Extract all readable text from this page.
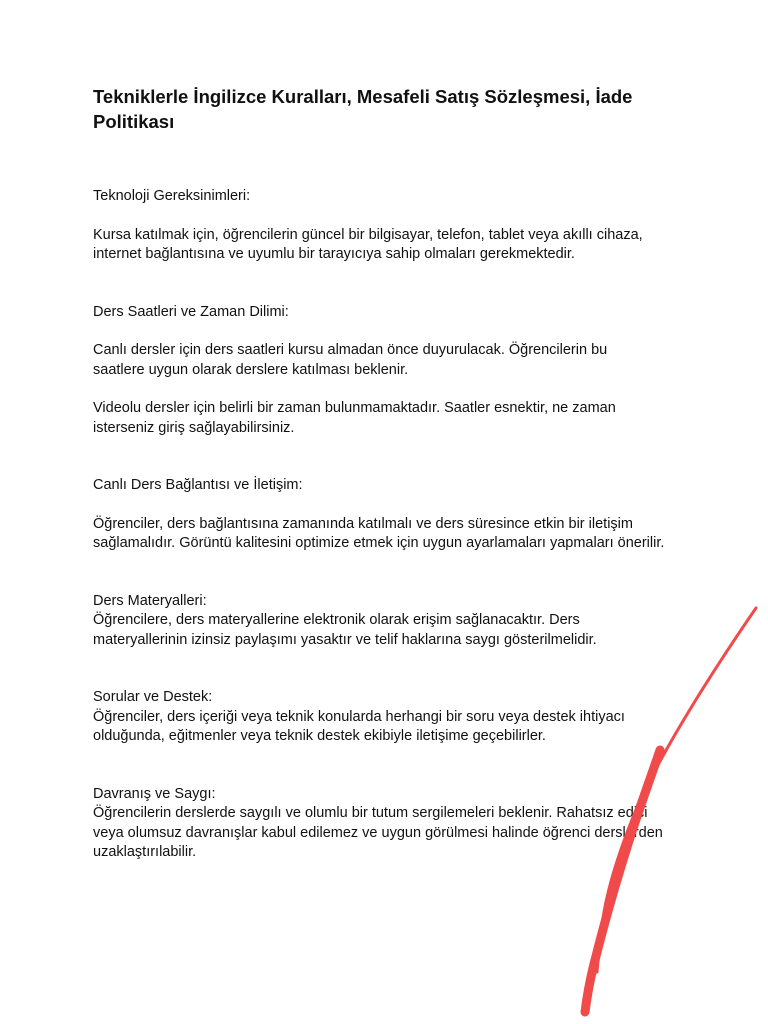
Tekniklerle İngilizce Kuralları, Mesafeli Satış Sözleşmesi, İade Politikası

Teknoloji Gereksinimleri:

Kursa katılmak için, öğrencilerin güncel bir bilgisayar, telefon, tablet veya akıllı cihaza, internet bağlantısına ve uyumlu bir tarayıcıya sahip olmaları gerekmektedir.

Ders Saatleri ve Zaman Dilimi:

Canlı dersler için ders saatleri kursu almadan önce duyurulacak. Öğrencilerin bu saatlere uygun olarak derslere katılması beklenir.

Videolu dersler için belirli bir zaman bulunmamaktadır. Saatler esnektir, ne zaman isterseniz giriş sağlayabilirsiniz.

Canlı Ders Bağlantısı ve İletişim:

Öğrenciler, ders bağlantısına zamanında katılmalı ve ders süresince etkin bir iletişim sağlamalıdır. Görüntü kalitesini optimize etmek için uygun ayarlamaları yapmaları önerilir.

Ders Materyalleri:

Öğrencilere, ders materyallerine elektronik olarak erişim sağlanacaktır. Ders materyallerinin izinsiz paylaşımı yasaktır ve telif haklarına saygı gösterilmelidir.

Sorular ve Destek:

Öğrenciler, ders içeriği veya teknik konularda herhangi bir soru veya destek ihtiyacı olduğunda, eğitmenler veya teknik destek ekibiyle iletişime geçebilirler.

Davranış ve Saygı:

Öğrencilerin derslerde saygılı ve olumlu bir tutum sergilemeleri beklenir. Rahatsız edici veya olumsuz davranışlar kabul edilemez ve uygun görülmesi halinde öğrenci derslerden uzaklaştırılabilir.
